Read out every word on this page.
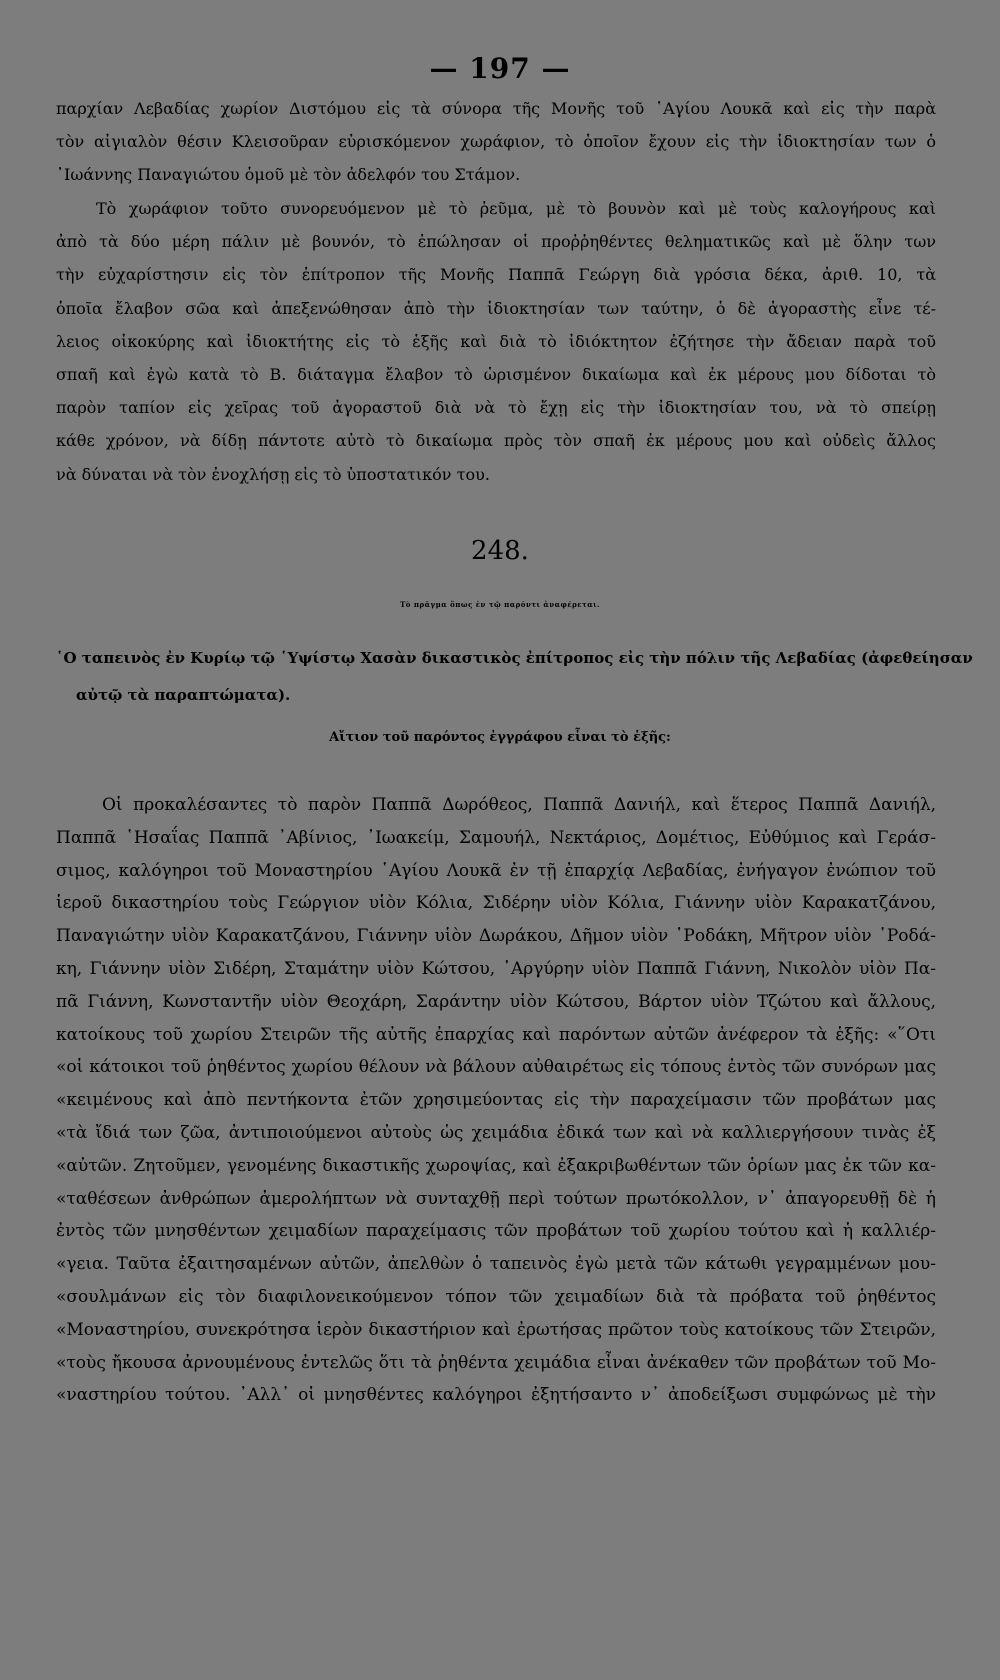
— 197 —
παρχίαν Λεβαδίας χωρίον Διστόμου εἰς τὰ σύνορα τῆς Μονῆς τοῦ ῾Αγίου Λουκᾶ καὶ εἰς τὴν παρὰ
τὸν αἰγιαλὸν θέσιν Κλεισοῦραν εὑρισκόμενον χωράφιον, τὸ ὁποῖον ἔχουν εἰς τὴν ἰδιοκτησίαν των ὁ
᾿Ιωάννης Παναγιώτου ὁμοῦ μὲ τὸν ἀδελφόν του Στάμον.
Τὸ χωράφιον τοῦτο συνορευόμενον μὲ τὸ ῥεῦμα, μὲ τὸ βουνὸν καὶ μὲ τοὺς καλογήρους καὶ
ἀπὸ τὰ δύο μέρη πάλιν μὲ βουνόν, τὸ ἐπώλησαν οἱ προῤῥηθέντες θεληματικῶς καὶ μὲ ὅλην των
τὴν εὐχαρίστησιν εἰς τὸν ἐπίτροπον τῆς Μονῆς Παππᾶ Γεώργη διὰ γρόσια δέκα, ἀριθ. 10, τὰ
ὁποῖα ἔλαβον σῶα καὶ ἀπεξενώθησαν ἀπὸ τὴν ἰδιοκτησίαν των ταύτην, ὁ δὲ ἀγοραστὴς εἶνε τέ-
λειος οἰκοκύρης καὶ ἰδιοκτήτης εἰς τὸ ἑξῆς καὶ διὰ τὸ ἰδιόκτητον ἐζήτησε τὴν ἄδειαν παρὰ τοῦ
σπαῆ καὶ ἐγὼ κατὰ τὸ Β. διάταγμα ἔλαβον τὸ ὡρισμένον δικαίωμα καὶ ἐκ μέρους μου δίδοται τὸ
παρὸν ταπίον εἰς χεῖρας τοῦ ἀγοραστοῦ διὰ νὰ τὸ ἔχῃ εἰς τὴν ἰδιοκτησίαν του, νὰ τὸ σπείρῃ
κάθε χρόνον, νὰ δίδῃ πάντοτε αὐτὸ τὸ δικαίωμα πρὸς τὸν σπαῆ ἐκ μέρους μου καὶ οὐδεὶς ἄλλος
νὰ δύναται νὰ τὸν ἐνοχλήσῃ εἰς τὸ ὑποστατικόν του.
248.
Τὸ πρᾶγμα ὅπως ἐν τῷ παρόντι ἀναφέρεται.
῾Ο ταπεινὸς ἐν Κυρίῳ τῷ ῾Υψίστῳ Χασὰν δικαστικὸς ἐπίτροπος εἰς τὴν πόλιν τῆς Λεβαδίας (ἀφεθείησαν
αὐτῷ τὰ παραπτώματα).
Αἴτιον τοῦ παρόντος ἐγγράφου εἶναι τὸ ἑξῆς:
Οἱ προκαλέσαντες τὸ παρὸν Παππᾶ Δωρόθεος, Παππᾶ Δανιήλ, καὶ ἕτερος Παππᾶ Δανιήλ,
Παππᾶ ῾Ησαΐας Παππᾶ ᾿Αβίνιος, ᾿Ιωακείμ, Σαμουήλ, Νεκτάριος, Δομέτιος, Εὐθύμιος καὶ Γεράσ-
σιμος, καλόγηροι τοῦ Μοναστηρίου ῾Αγίου Λουκᾶ ἐν τῇ ἐπαρχίᾳ Λεβαδίας, ἐνήγαγον ἐνώπιον τοῦ
ἱεροῦ δικαστηρίου τοὺς Γεώργιον υἱὸν Κόλια, Σιδέρην υἱὸν Κόλια, Γιάννην υἱὸν Καρακατζάνου,
Παναγιώτην υἱὸν Καρακατζάνου, Γιάννην υἱὸν Δωράκου, Δῆμον υἱὸν ῾Ροδάκη, Μῆτρον υἱὸν ῾Ροδά-
κη, Γιάννην υἱὸν Σιδέρη, Σταμάτην υἱὸν Κώτσου, ᾿Αργύρην υἱὸν Παππᾶ Γιάννη, Νικολὸν υἱὸν Πα-
πᾶ Γιάννη, Κωνσταντῆν υἱὸν Θεοχάρη, Σαράντην υἱὸν Κώτσου, Βάρτον υἱὸν Τζώτου καὶ ἄλλους,
κατοίκους τοῦ χωρίου Στειρῶν τῆς αὐτῆς ἐπαρχίας καὶ παρόντων αὐτῶν ἀνέφερον τὰ ἑξῆς: «῞Οτι
«οἱ κάτοικοι τοῦ ῥηθέντος χωρίου θέλουν νὰ βάλουν αὐθαιρέτως εἰς τόπους ἐντὸς τῶν συνόρων μας
«κειμένους καὶ ἀπὸ πεντήκοντα ἐτῶν χρησιμεύοντας εἰς τὴν παραχείμασιν τῶν προβάτων μας
«τὰ ἴδιά των ζῶα, ἀντιποιούμενοι αὐτοὺς ὡς χειμάδια ἐδικά των καὶ νὰ καλλιεργήσουν τινὰς ἐξ
«αὐτῶν. Ζητοῦμεν, γενομένης δικαστικῆς χωροψίας, καὶ ἐξακριβωθέντων τῶν ὁρίων μας ἐκ τῶν κα-
«ταθέσεων ἀνθρώπων ἀμερολήπτων νὰ συνταχθῇ περὶ τούτων πρωτόκολλον, ν᾿ ἀπαγορευθῇ δὲ ἡ
ἐντὸς τῶν μνησθέντων χειμαδίων παραχείμασις τῶν προβάτων τοῦ χωρίου τούτου καὶ ἡ καλλιέρ-
«γεια. Ταῦτα ἐξαιτησαμένων αὐτῶν, ἀπελθὼν ὁ ταπεινὸς ἐγὼ μετὰ τῶν κάτωθι γεγραμμένων μου-
«σουλμάνων εἰς τὸν διαφιλονεικούμενον τόπον τῶν χειμαδίων διὰ τὰ πρόβατα τοῦ ῥηθέντος
«Μοναστηρίου, συνεκρότησα ἱερὸν δικαστήριον καὶ ἐρωτήσας πρῶτον τοὺς κατοίκους τῶν Στειρῶν,
«τοὺς ἤκουσα ἀρνουμένους ἐντελῶς ὅτι τὰ ῥηθέντα χειμάδια εἶναι ἀνέκαθεν τῶν προβάτων τοῦ Μο-
«ναστηρίου τούτου. ᾿Αλλ᾿ οἱ μνησθέντες καλόγηροι ἐξητήσαντο ν᾿ ἀποδείξωσι συμφώνως μὲ τὴν
